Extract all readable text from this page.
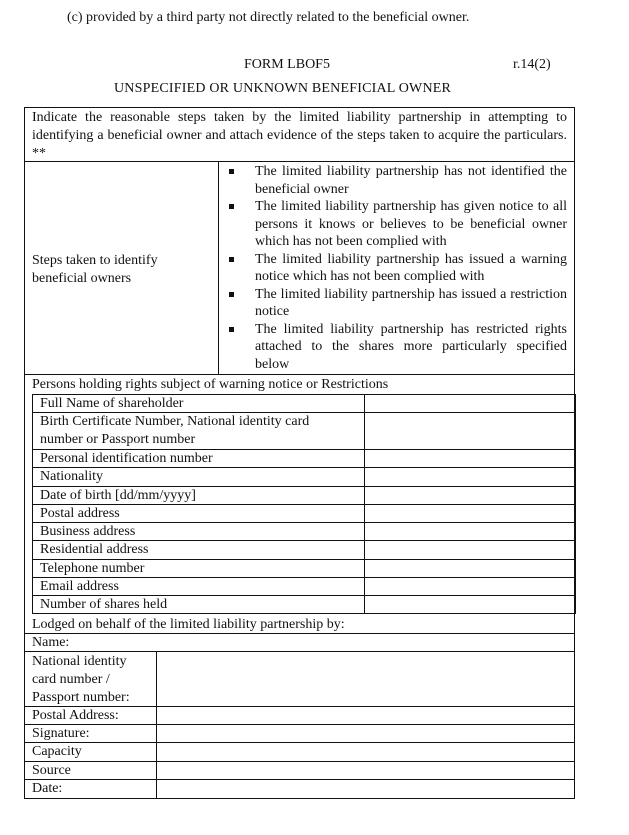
(c) provided by a third party not directly related to the beneficial owner.
FORM LBOF5	r.14(2)
UNSPECIFIED OR UNKNOWN BENEFICIAL OWNER
Indicate the reasonable steps taken by the limited liability partnership in attempting to identifying a beneficial owner and attach evidence of the steps taken to acquire the particulars. **
Steps taken to identify beneficial owners
The limited liability partnership has not identified the beneficial owner
The limited liability partnership has given notice to all persons it knows or believes to be beneficial owner which has not been complied with
The limited liability partnership has issued a warning notice which has not been complied with
The limited liability partnership has issued a restriction notice
The limited liability partnership has restricted rights attached to the shares more particularly specified below
Persons holding rights subject of warning notice or Restrictions
Full Name of shareholder
Birth Certificate Number, National identity card number or Passport number
Personal identification number
Nationality
Date of birth [dd/mm/yyyy]
Postal address
Business address
Residential address
Telephone number
Email address
Number of shares held
Lodged on behalf of the limited liability partnership by:
Name:
National identity card number / Passport number:
Postal Address:
Signature:
Capacity
Source
Date:
